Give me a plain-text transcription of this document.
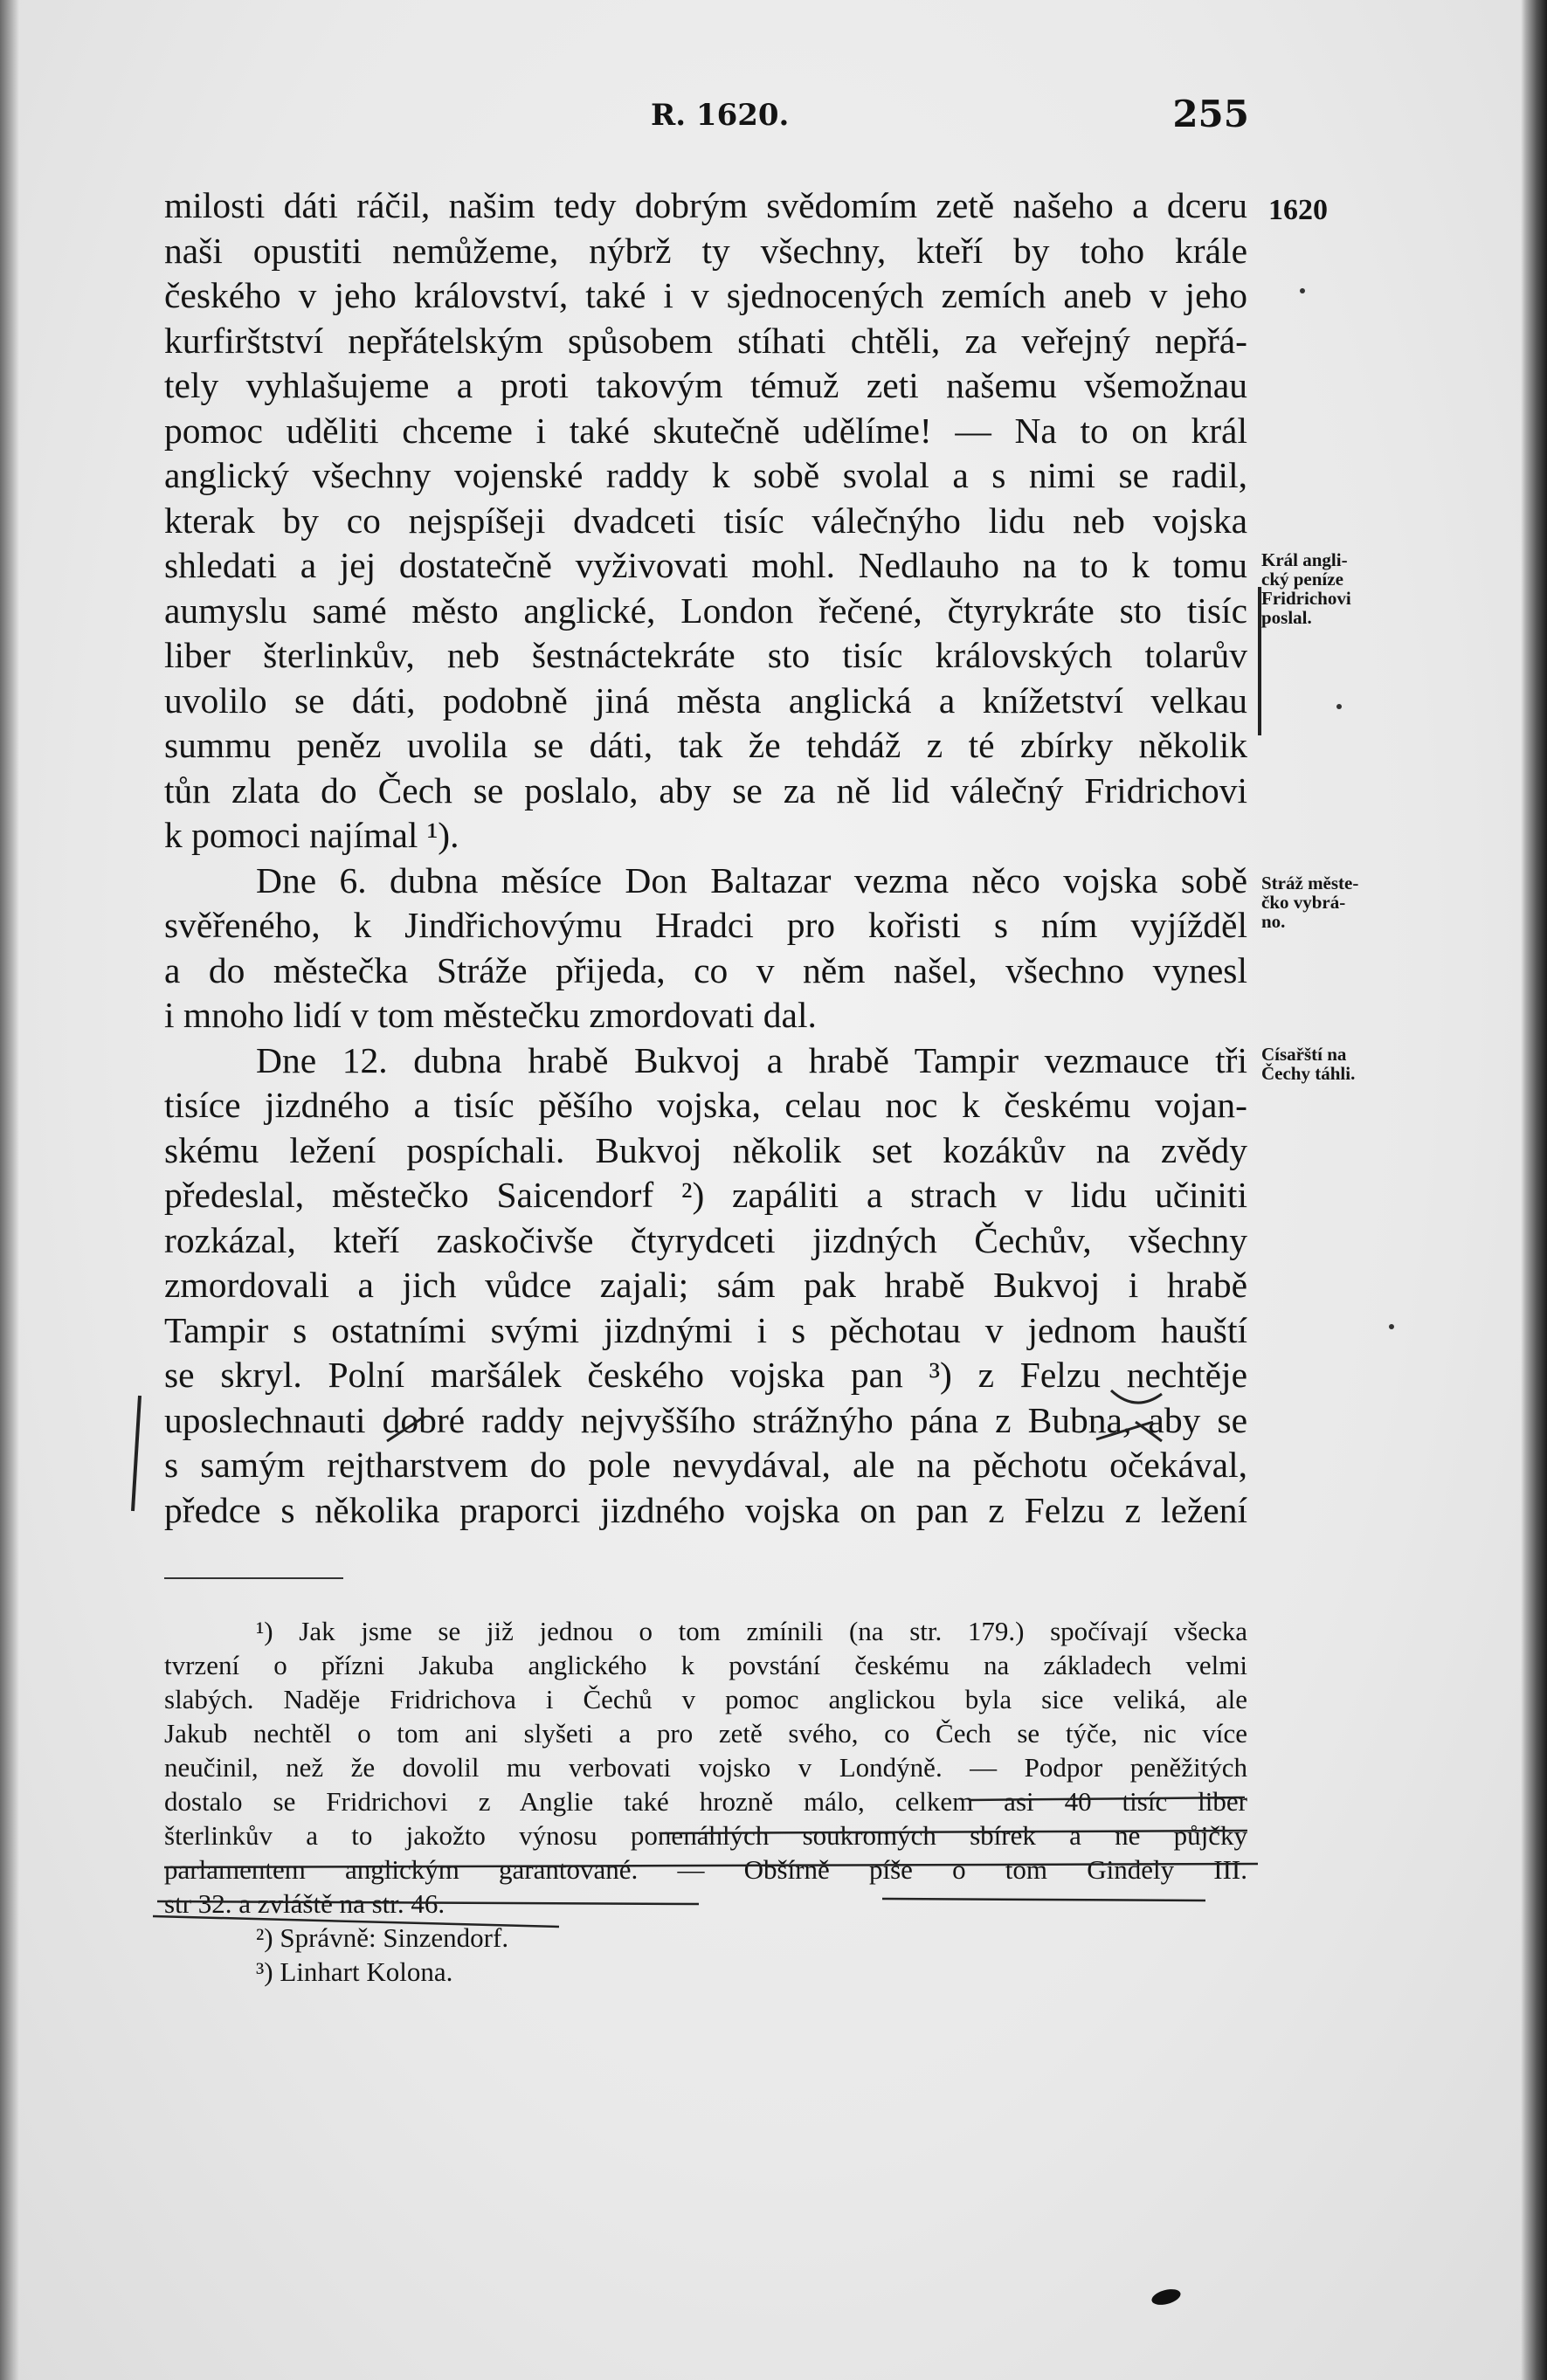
R. 1620.	255
1620
milosti dáti ráčil, našim tedy dobrým svědomím zetě našeho a dceru
naši opustiti nemůžeme, nýbrž ty všechny, kteří by toho krále
českého v jeho království, také i v sjednocených zemích aneb v jeho
kurfirštství nepřátelským spůsobem stíhati chtěli, za veřejný nepřá-
tely vyhlašujeme a proti takovým témuž zeti našemu všemožnau
pomoc uděliti chceme i také skutečně udělíme! — Na to on král
anglický všechny vojenské raddy k sobě svolal a s nimi se radil,
kterak by co nejspíšeji dvadceti tisíc válečnýho lidu neb vojska
shledati a jej dostatečně vyživovati mohl. Nedlauho na to k tomu
aumyslu samé město anglické, London řečené, čtyrykráte sto tisíc
liber šterlinkův, neb šestnáctekráte sto tisíc královských tolarův
uvolilo se dáti, podobně jiná města anglická a knížetství velkau
summu peněz uvolila se dáti, tak že tehdáž z té zbírky několik
tůn zlata do Čech se poslalo, aby se za ně lid válečný Fridrichovi
k pomoci najímal ¹).
Dne 6. dubna měsíce Don Baltazar vezma něco vojska sobě
svěřeného, k Jindřichovýmu Hradci pro kořisti s ním vyjížděl
a do městečka Stráže přijeda, co v něm našel, všechno vynesl
i mnoho lidí v tom městečku zmordovati dal.
Dne 12. dubna hrabě Bukvoj a hrabě Tampir vezmauce tři
tisíce jizdného a tisíc pěšího vojska, celau noc k českému vojan-
skému ležení pospíchali. Bukvoj několik set kozákův na zvědy
předeslal, městečko Saicendorf ²) zapáliti a strach v lidu učiniti
rozkázal, kteří zaskočivše čtyrydceti jizdných Čechův, všechny
zmordovali a jich vůdce zajali; sám pak hrabě Bukvoj i hrabě
Tampir s ostatními svými jizdnými i s pěchotau v jednom hauští
se skryl. Polní maršálek českého vojska pan ³) z Felzu nechtěje
uposlechnauti dobré raddy nejvyššího strážnýho pána z Bubna, aby se
s samým rejtharstvem do pole nevydával, ale na pěchotu očekával,
předce s několika praporci jizdného vojska on pan z Felzu z ležení
Král angli-
cký peníze
Fridrichovi
poslal.
Stráž měste-
čko vybrá-
no.
Císařští na
Čechy táhli.
¹) Jak jsme se již jednou o tom zmínili (na str. 179.) spočívají všecka
tvrzení o přízni Jakuba anglického k povstání českému na základech velmi
slabých. Naděje Fridrichova i Čechů v pomoc anglickou byla sice veliká, ale
Jakub nechtěl o tom ani slyšeti a pro zetě svého, co Čech se týče, nic více
neučinil, než že dovolil mu verbovati vojsko v Londýně. — Podpor peněžitých
dostalo se Fridrichovi z Anglie také hrozně málo, celkem asi 40 tisíc liber
šterlinkův a to jakožto výnosu ponenáhlých soukromých sbírek a ne půjčky
parlamentem anglickým garantované. — Obšírně píše o tom Gindely III.
str 32. a zvláště na str. 46.
²) Správně: Sinzendorf.
³) Linhart Kolona.
